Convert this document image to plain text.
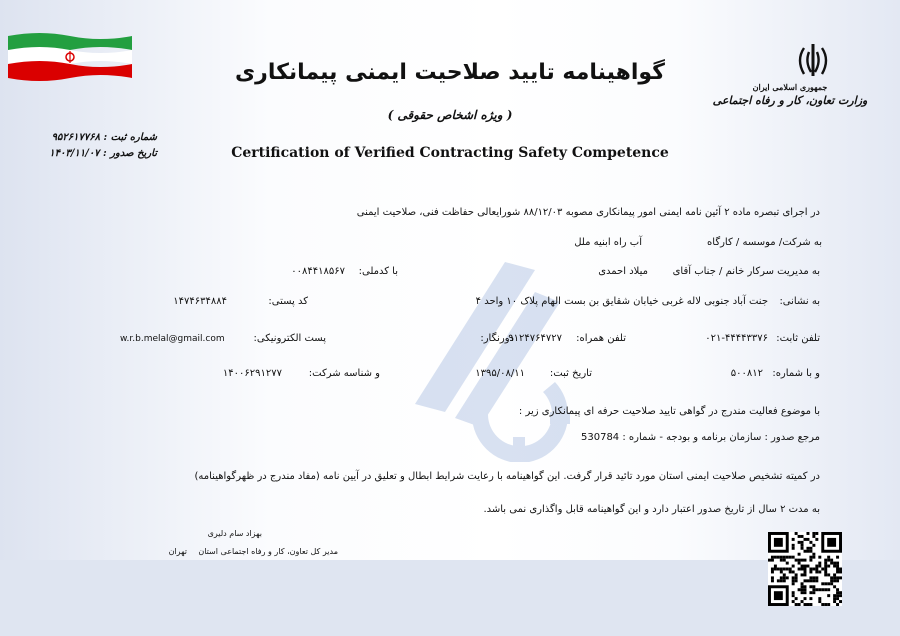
جمهوری اسلامی ایران
وزارت تعاون، کار و رفاه اجتماعی
گواهینامه تایید صلاحیت ایمنی پیمانکاری
( ویژه اشخاص حقوقی )
Certification of Verified Contracting Safety Competence
شماره ثبت : ۹۵۲۶۱۷۷۶۸
تاریخ صدور : ۱۴۰۳/۱۱/۰۷
در اجرای تبصره ماده ۲ آئین نامه ایمنی امور پیمانکاری مصوبه ۸۸/۱۲/۰۳ شورایعالی حفاظت فنی، صلاحیت ایمنی
به شرکت/ موسسه / کارگاه
آب راه ابنیه ملل
به مدیریت سرکار خانم / جناب آقای
میلاد احمدی
با کدملی:
۰۰۸۴۴۱۸۵۶۷
به نشانی:
جنت آباد جنوبی لاله غربی خیابان شقایق بن بست الهام پلاک ۱۰ واحد ۴
کد پستی:
۱۴۷۴۶۳۴۸۸۴
تلفن ثابت:
۰۲۱-۴۴۴۴۳۳۷۶
تلفن همراه:
۹۱۲۴۷۶۴۷۲۷
دورنگار:
پست الکترونیکی:
w.r.b.melal@gmail.com
و با شماره:
۵۰۰۸۱۲
تاریخ ثبت:
۱۳۹۵/۰۸/۱۱
و شناسه شرکت:
۱۴۰۰۶۲۹۱۲۷۷
با موضوع فعالیت مندرج در گواهی تایید صلاحیت حرفه ای پیمانکاری زیر :
مرجع صدور : سازمان برنامه و بودجه - شماره : 530784
در کمیته تشخیص صلاحیت ایمنی استان مورد تائید قرار گرفت. این گواهینامه با رعایت شرایط ابطال و تعلیق در آیین نامه (مفاد مندرج در ظهرگواهینامه)
به مدت ۲ سال از تاریخ صدور اعتبار دارد و این گواهینامه قابل واگذاری نمی باشد.
بهزاد سام دلیری
مدیر کل تعاون، کار و رفاه اجتماعی استان
تهران
